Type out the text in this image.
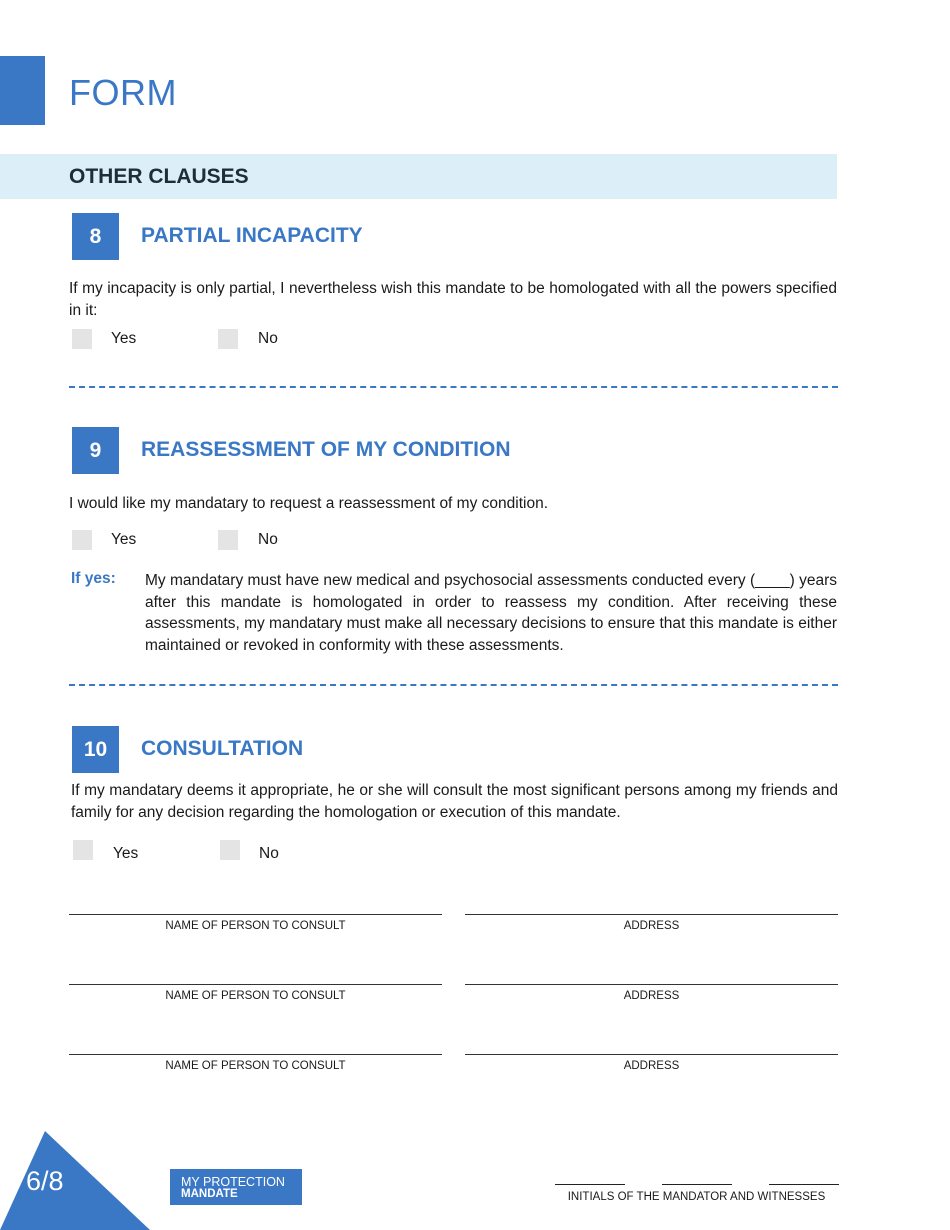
FORM
OTHER CLAUSES
8	PARTIAL INCAPACITY
If my incapacity is only partial, I nevertheless wish this mandate to be homologated with all the powers specified in it:
Yes	No
9	REASSESSMENT OF MY CONDITION
I would like my mandatary to request a reassessment of my condition.
Yes	No
If yes: My mandatary must have new medical and psychosocial assessments conducted every (____) years after this mandate is homologated in order to reassess my condition. After receiving these assessments, my mandatary must make all necessary decisions to ensure that this mandate is either maintained or revoked in conformity with these assessments.
10	CONSULTATION
If my mandatary deems it appropriate, he or she will consult the most significant persons among my friends and family for any decision regarding the homologation or execution of this mandate.
Yes	No
NAME OF PERSON TO CONSULT	ADDRESS
NAME OF PERSON TO CONSULT	ADDRESS
NAME OF PERSON TO CONSULT	ADDRESS
6/8	MY PROTECTION
MANDATE	INITIALS OF THE MANDATOR AND WITNESSES
